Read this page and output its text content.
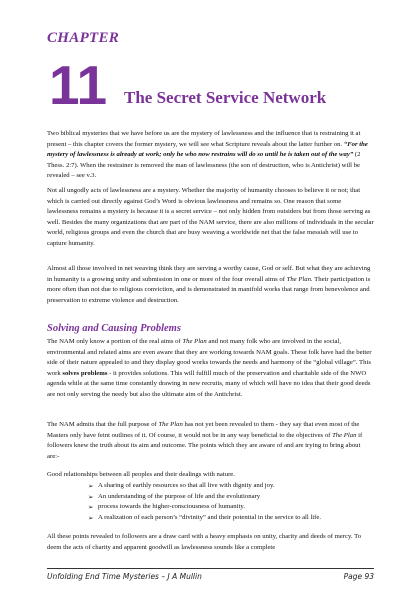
CHAPTER
11 The Secret Service Network

Two biblical mysteries that we have before us are the mystery of lawlessness and the influence that is restraining it at present – this chapter covers the former mystery, we will see what Scripture reveals about the latter further on. “For the mystery of lawlessness is already at work; only he who now restrains will do so until he is taken out of the way” (2 Thess. 2:7). When the restrainer is removed the man of lawlessness (the son of destruction, who is Antichrist) will be revealed – see v.3.

Not all ungodly acts of lawlessness are a mystery. Whether the majority of humanity chooses to believe it or not; that which is carried out directly against God’s Word is obvious lawlessness and remains so. One reason that some lawlessness remains a mystery is because it is a secret service – not only hidden from outsiders but from those serving as well. Besides the many organizations that are part of the NAM service, there are also millions of individuals in the secular world, religious groups and even the church that are busy weaving a worldwide net that the false messiah will use to capture humanity.

Almost all those involved in net weaving think they are serving a worthy cause, God or self. But what they are achieving in humanity is a growing unity and submission in one or more of the four overall aims of The Plan. Their participation is more often than not due to religious conviction, and is demonstrated in manifold works that range from benevolence and preservation to extreme violence and destruction.

Solving and Causing Problems

The NAM only know a portion of the real aims of The Plan and not many folk who are involved in the social, environmental and related aims are even aware that they are working towards NAM goals. These folk have had the better side of their nature appealed to and they display good works towards the needs and harmony of the “global village”. This work solves problems - it provides solutions. This will fulfill much of the preservation and charitable side of the NWO agenda while at the same time constantly drawing in new recruits, many of which will have no idea that their good deeds are not only serving the needy but also the ultimate aim of the Antichrist.

The NAM admits that the full purpose of The Plan has not yet been revealed to them - they say that even most of the Masters only have feint outlines of it. Of course, it would not be in any way beneficial to the objectives of The Plan if followers knew the truth about its aim and outcome. The points which they are aware of and are trying to bring about are:-

Good relationships between all peoples and their dealings with nature.

➢ A sharing of earthly resources so that all live with dignity and joy.
➢ An understanding of the purpose of life and the evolutionary
➢ process towards the higher-consciousness of humanity.
➢ A realization of each person’s “divinity” and their potential in the service to all life.

All these points revealed to followers are a draw card with a heavy emphasis on unity, charity and deeds of mercy. To deem the acts of charity and apparent goodwill as lawlessness sounds like a complete

Unfolding End Time Mysteries – J A Mullin	Page 93
